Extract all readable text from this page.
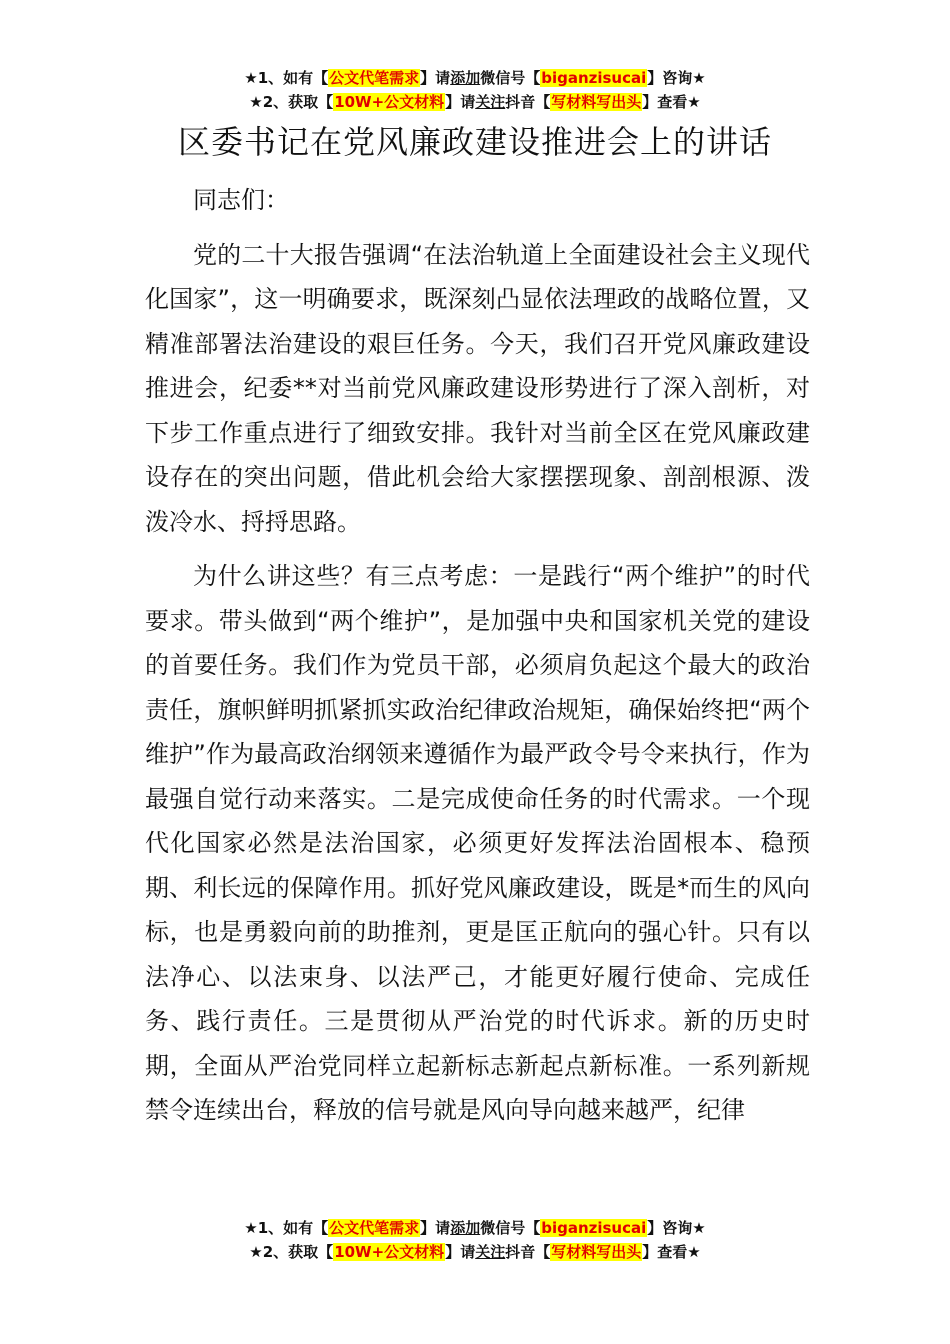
★1、如有【公文代笔需求】请添加微信号【biganzisucai】咨询★
★2、获取【10W+公文材料】请关注抖音【写材料写出头】查看★
区委书记在党风廉政建设推进会上的讲话

同志们：

党的二十大报告强调“在法治轨道上全面建设社会主义现代化国家”，这一明确要求，既深刻凸显依法理政的战略位置，又精准部署法治建设的艰巨任务。今天，我们召开党风廉政建设推进会，纪委**对当前党风廉政建设形势进行了深入剖析，对下步工作重点进行了细致安排。我针对当前全区在党风廉政建设存在的突出问题，借此机会给大家摆摆现象、剖剖根源、泼泼冷水、捋捋思路。

为什么讲这些？有三点考虑：一是践行“两个维护”的时代要求。带头做到“两个维护”，是加强中央和国家机关党的建设的首要任务。我们作为党员干部，必须肩负起这个最大的政治责任，旗帜鲜明抓紧抓实政治纪律政治规矩，确保始终把“两个维护”作为最高政治纲领来遵循作为最严政令号令来执行，作为最强自觉行动来落实。二是完成使命任务的时代需求。一个现代化国家必然是法治国家，必须更好发挥法治固根本、稳预期、利长远的保障作用。抓好党风廉政建设，既是*而生的风向标，也是勇毅向前的助推剂，更是匡正航向的强心针。只有以法净心、以法束身、以法严己，才能更好履行使命、完成任务、践行责任。三是贯彻从严治党的时代诉求。新的历史时期，全面从严治党同样立起新标志新起点新标准。一系列新规禁令连续出台，释放的信号就是风向导向越来越严，纪律

★1、如有【公文代笔需求】请添加微信号【biganzisucai】咨询★
★2、获取【10W+公文材料】请关注抖音【写材料写出头】查看★
